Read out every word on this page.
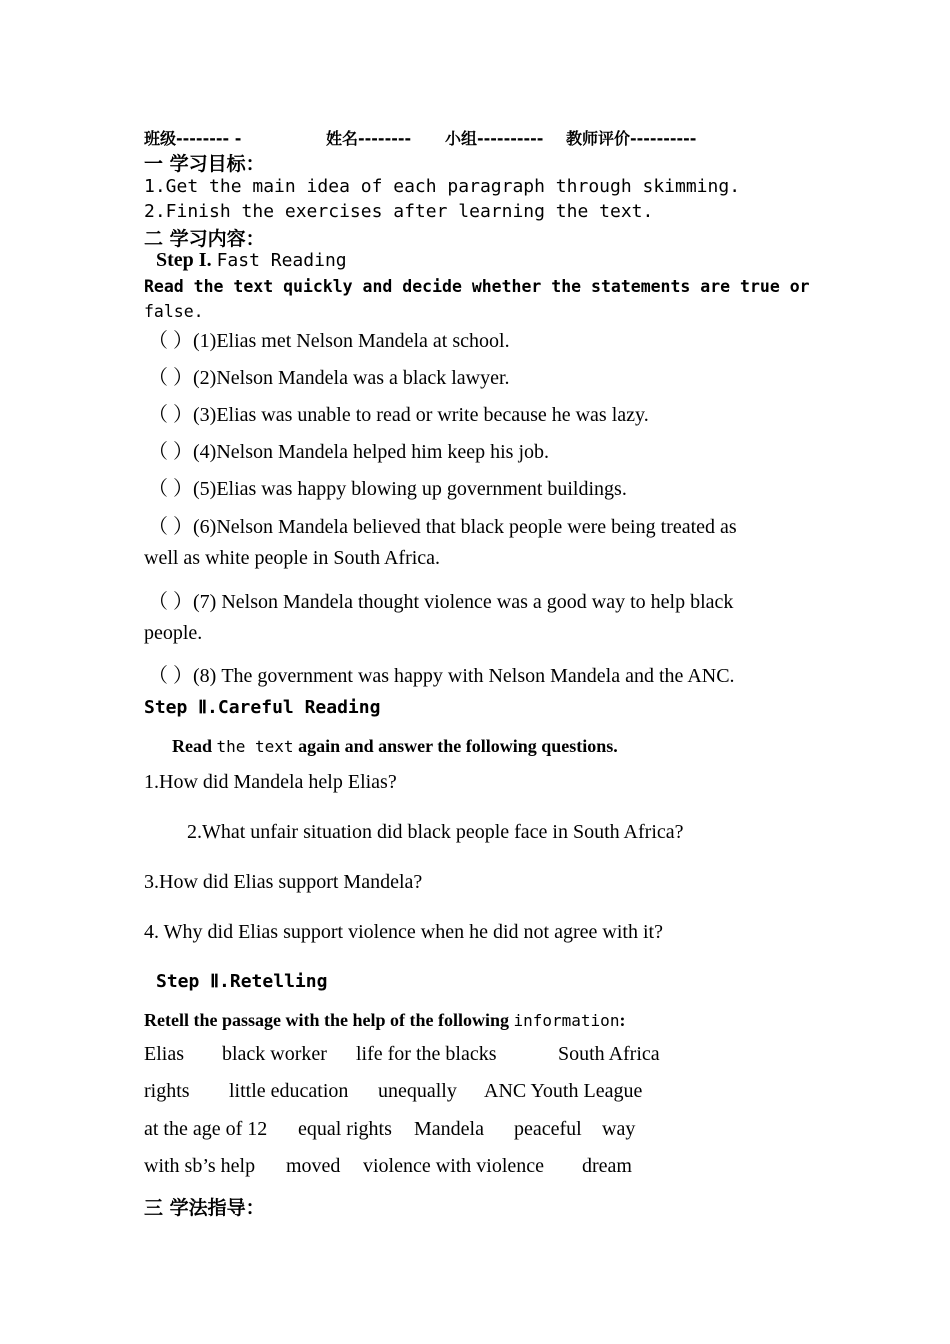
班级-------- -	姓名-------- 小组---------- 教师评价----------
一 学习目标：
1.Get the main idea of each paragraph through skimming.
2.Finish the exercises after learning the text.
二 学习内容：
Step I. Fast Reading
Read the text quickly and decide whether the statements are true or
false.
（ ）(1)Elias met Nelson Mandela at school.
（ ）(2)Nelson Mandela was a black lawyer.
（ ）(3)Elias was unable to read or write because he was lazy.
（ ）(4)Nelson Mandela helped him keep his job.
（ ）(5)Elias was happy blowing up government buildings.
（ ）(6)Nelson Mandela believed that black people were being treated as
well as white people in South Africa.
（ ）(7) Nelson Mandela thought violence was a good way to help black
people.
（ ）(8) The government was happy with Nelson Mandela and the ANC.
Step Ⅱ.Careful Reading
Read the text again and answer the following questions.
1.How did Mandela help Elias?
2.What unfair situation did black people face in South Africa?
3.How did Elias support Mandela?
4. Why did Elias support violence when he did not agree with it?
Step Ⅱ.Retelling
Retell the passage with the help of the following information:
Elias black worker life for the blacks	South Africa
rights little education unequally ANC Youth League
at the age of 12 equal rights Mandela peaceful way
with sb’s help moved violence with violence dream
三 学法指导：
